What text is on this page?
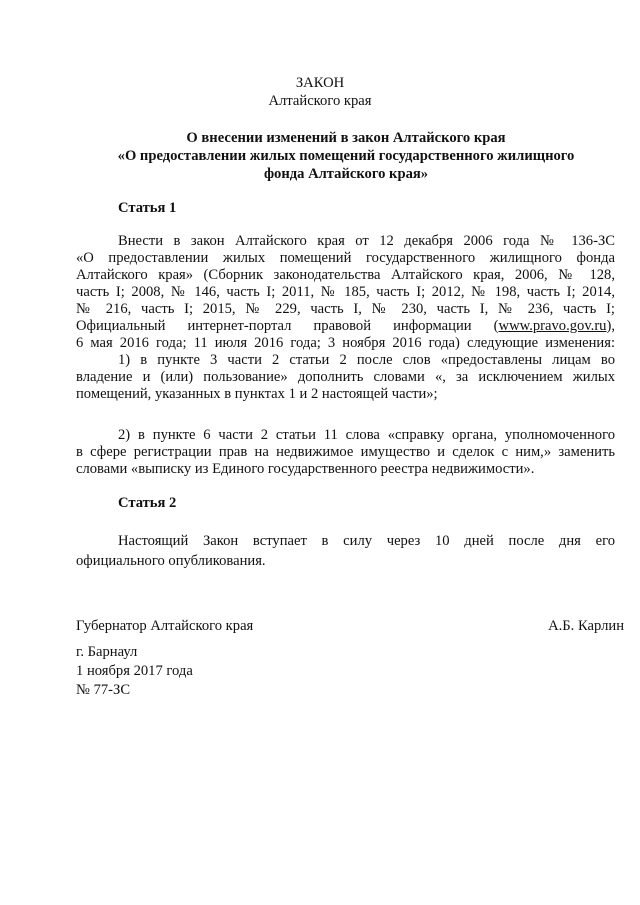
ЗАКОН
Алтайского края
О внесении изменений в закон Алтайского края
«О предоставлении жилых помещений государственного жилищного
фонда Алтайского края»
Статья 1
Внести в закон Алтайского края от 12 декабря 2006 года № 136-ЗС
«О предоставлении жилых помещений государственного жилищного фонда
Алтайского края» (Сборник законодательства Алтайского края, 2006, № 128,
часть I; 2008, № 146, часть I; 2011, № 185, часть I; 2012, № 198, часть I; 2014,
№ 216, часть I; 2015, № 229, часть I, № 230, часть I, № 236, часть I;
Официальный интернет-портал правовой информации (www.pravo.gov.ru),
6 мая 2016 года; 11 июля 2016 года; 3 ноября 2016 года) следующие изменения:
1) в пункте 3 части 2 статьи 2 после слов «предоставлены лицам во
владение и (или) пользование» дополнить словами «, за исключением жилых
помещений, указанных в пунктах 1 и 2 настоящей части»;
2) в пункте 6 части 2 статьи 11 слова «справку органа, уполномоченного
в сфере регистрации прав на недвижимое имущество и сделок с ним,» заменить
словами «выписку из Единого государственного реестра недвижимости».
Статья 2
Настоящий Закон вступает в силу через 10 дней после дня его
официального опубликования.
Губернатор Алтайского края	А.Б. Карлин
г. Барнаул
1 ноября 2017 года
№ 77-ЗС
